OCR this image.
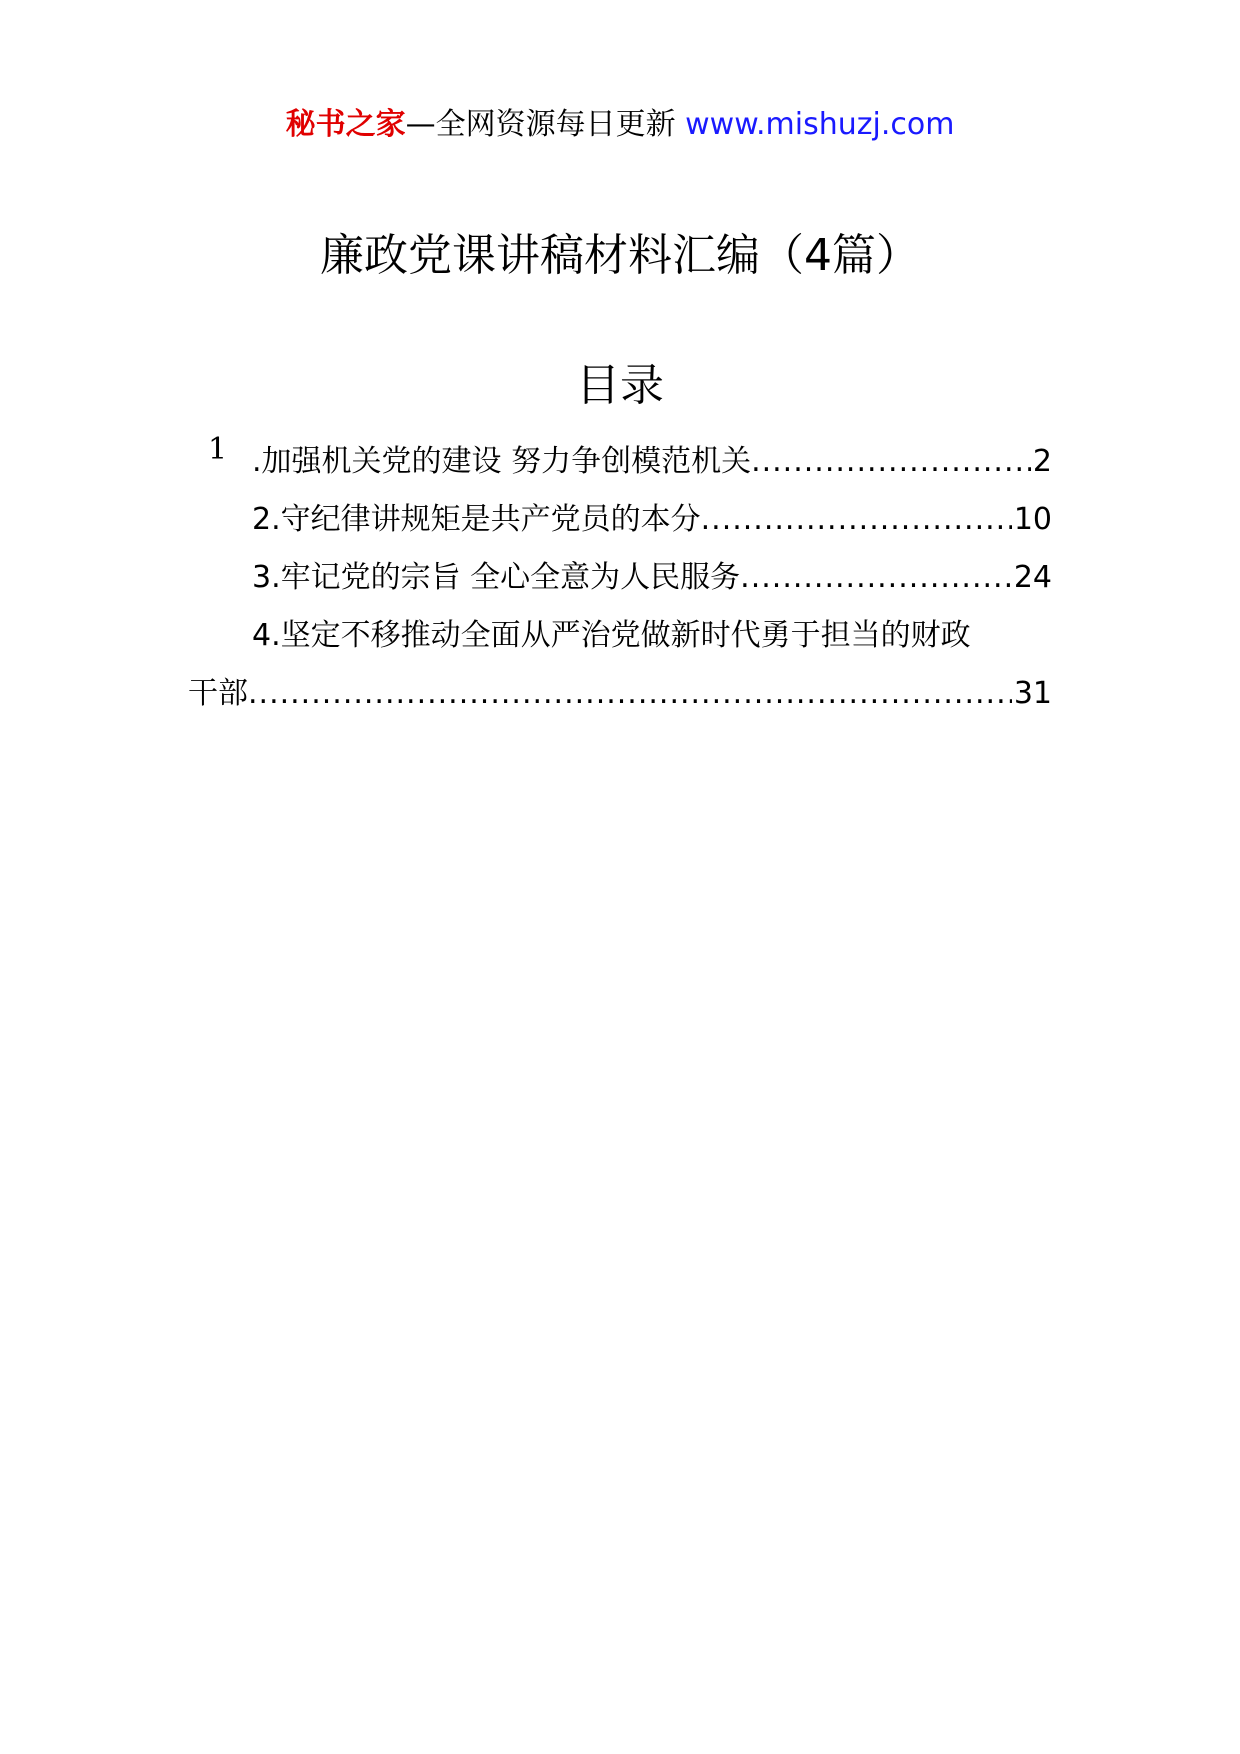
秘书之家—全网资源每日更新 www.mishuzj.com
廉政党课讲稿材料汇编（4篇）
目录
1 .加强机关党的建设 努力争创模范机关 .....	2
2.守纪律讲规矩是共产党员的本分 .....	10
3.牢记党的宗旨 全心全意为人民服务 .....	24
4.坚定不移推动全面从严治党做新时代勇于担当的财政
干部 .....	31
